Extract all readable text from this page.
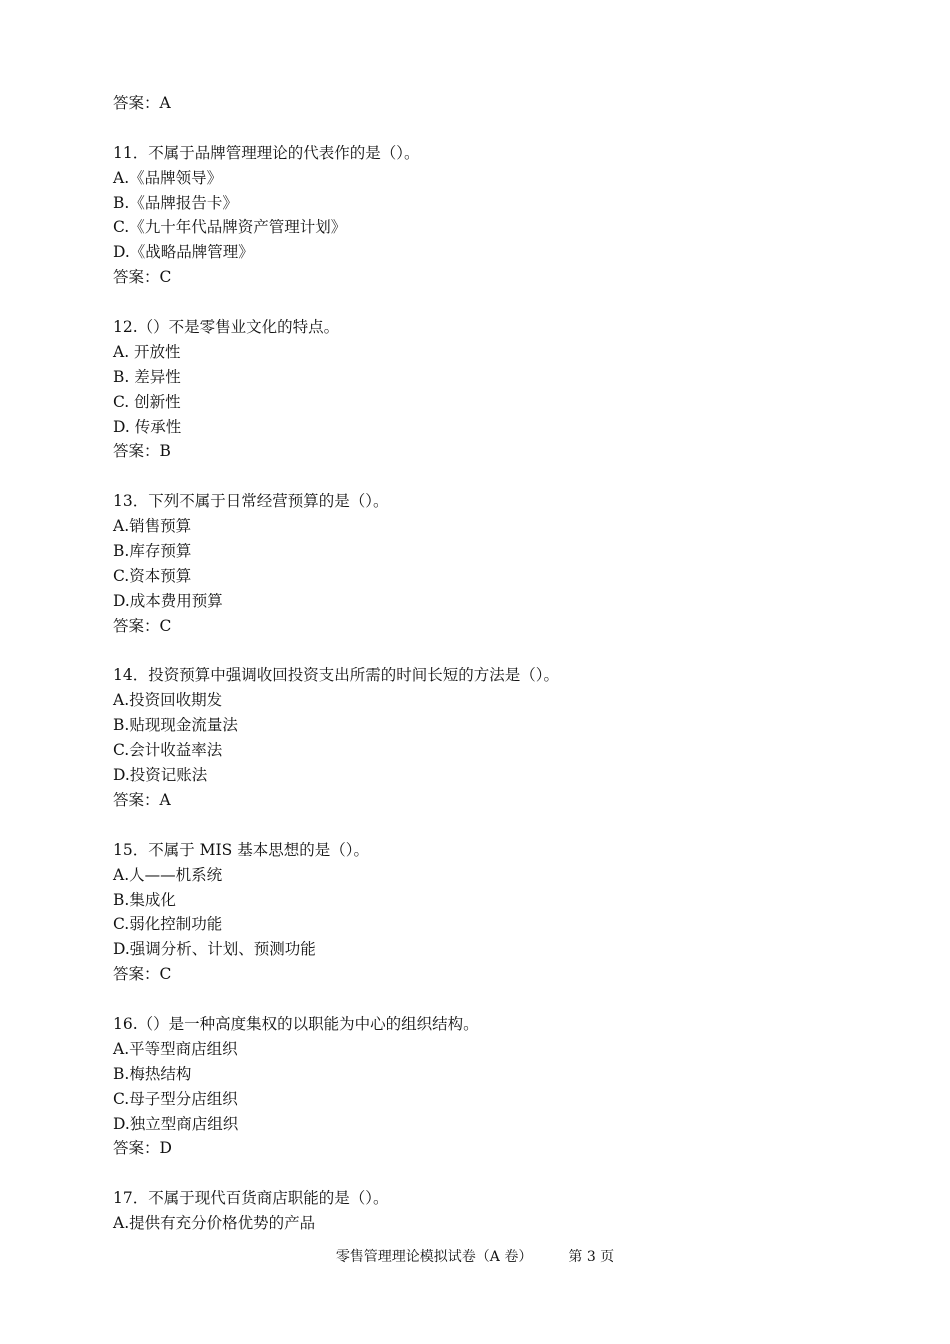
答案：A
11．不属于品牌管理理论的代表作的是（）。
A.《品牌领导》
B.《品牌报告卡》
C.《九十年代品牌资产管理计划》
D.《战略品牌管理》
答案：C
12.（）不是零售业文化的特点。
A. 开放性
B. 差异性
C. 创新性
D. 传承性
答案：B
13．下列不属于日常经营预算的是（）。
A.销售预算
B.库存预算
C.资本预算
D.成本费用预算
答案：C
14．投资预算中强调收回投资支出所需的时间长短的方法是（）。
A.投资回收期发
B.贴现现金流量法
C.会计收益率法
D.投资记账法
答案：A
15．不属于 MIS 基本思想的是（）。
A.人——机系统
B.集成化
C.弱化控制功能
D.强调分析、计划、预测功能
答案：C
16.（）是一种高度集权的以职能为中心的组织结构。
A.平等型商店组织
B.梅热结构
C.母子型分店组织
D.独立型商店组织
答案：D
17．不属于现代百货商店职能的是（）。
A.提供有充分价格优势的产品
零售管理理论模拟试卷（A 卷）	第 3 页
